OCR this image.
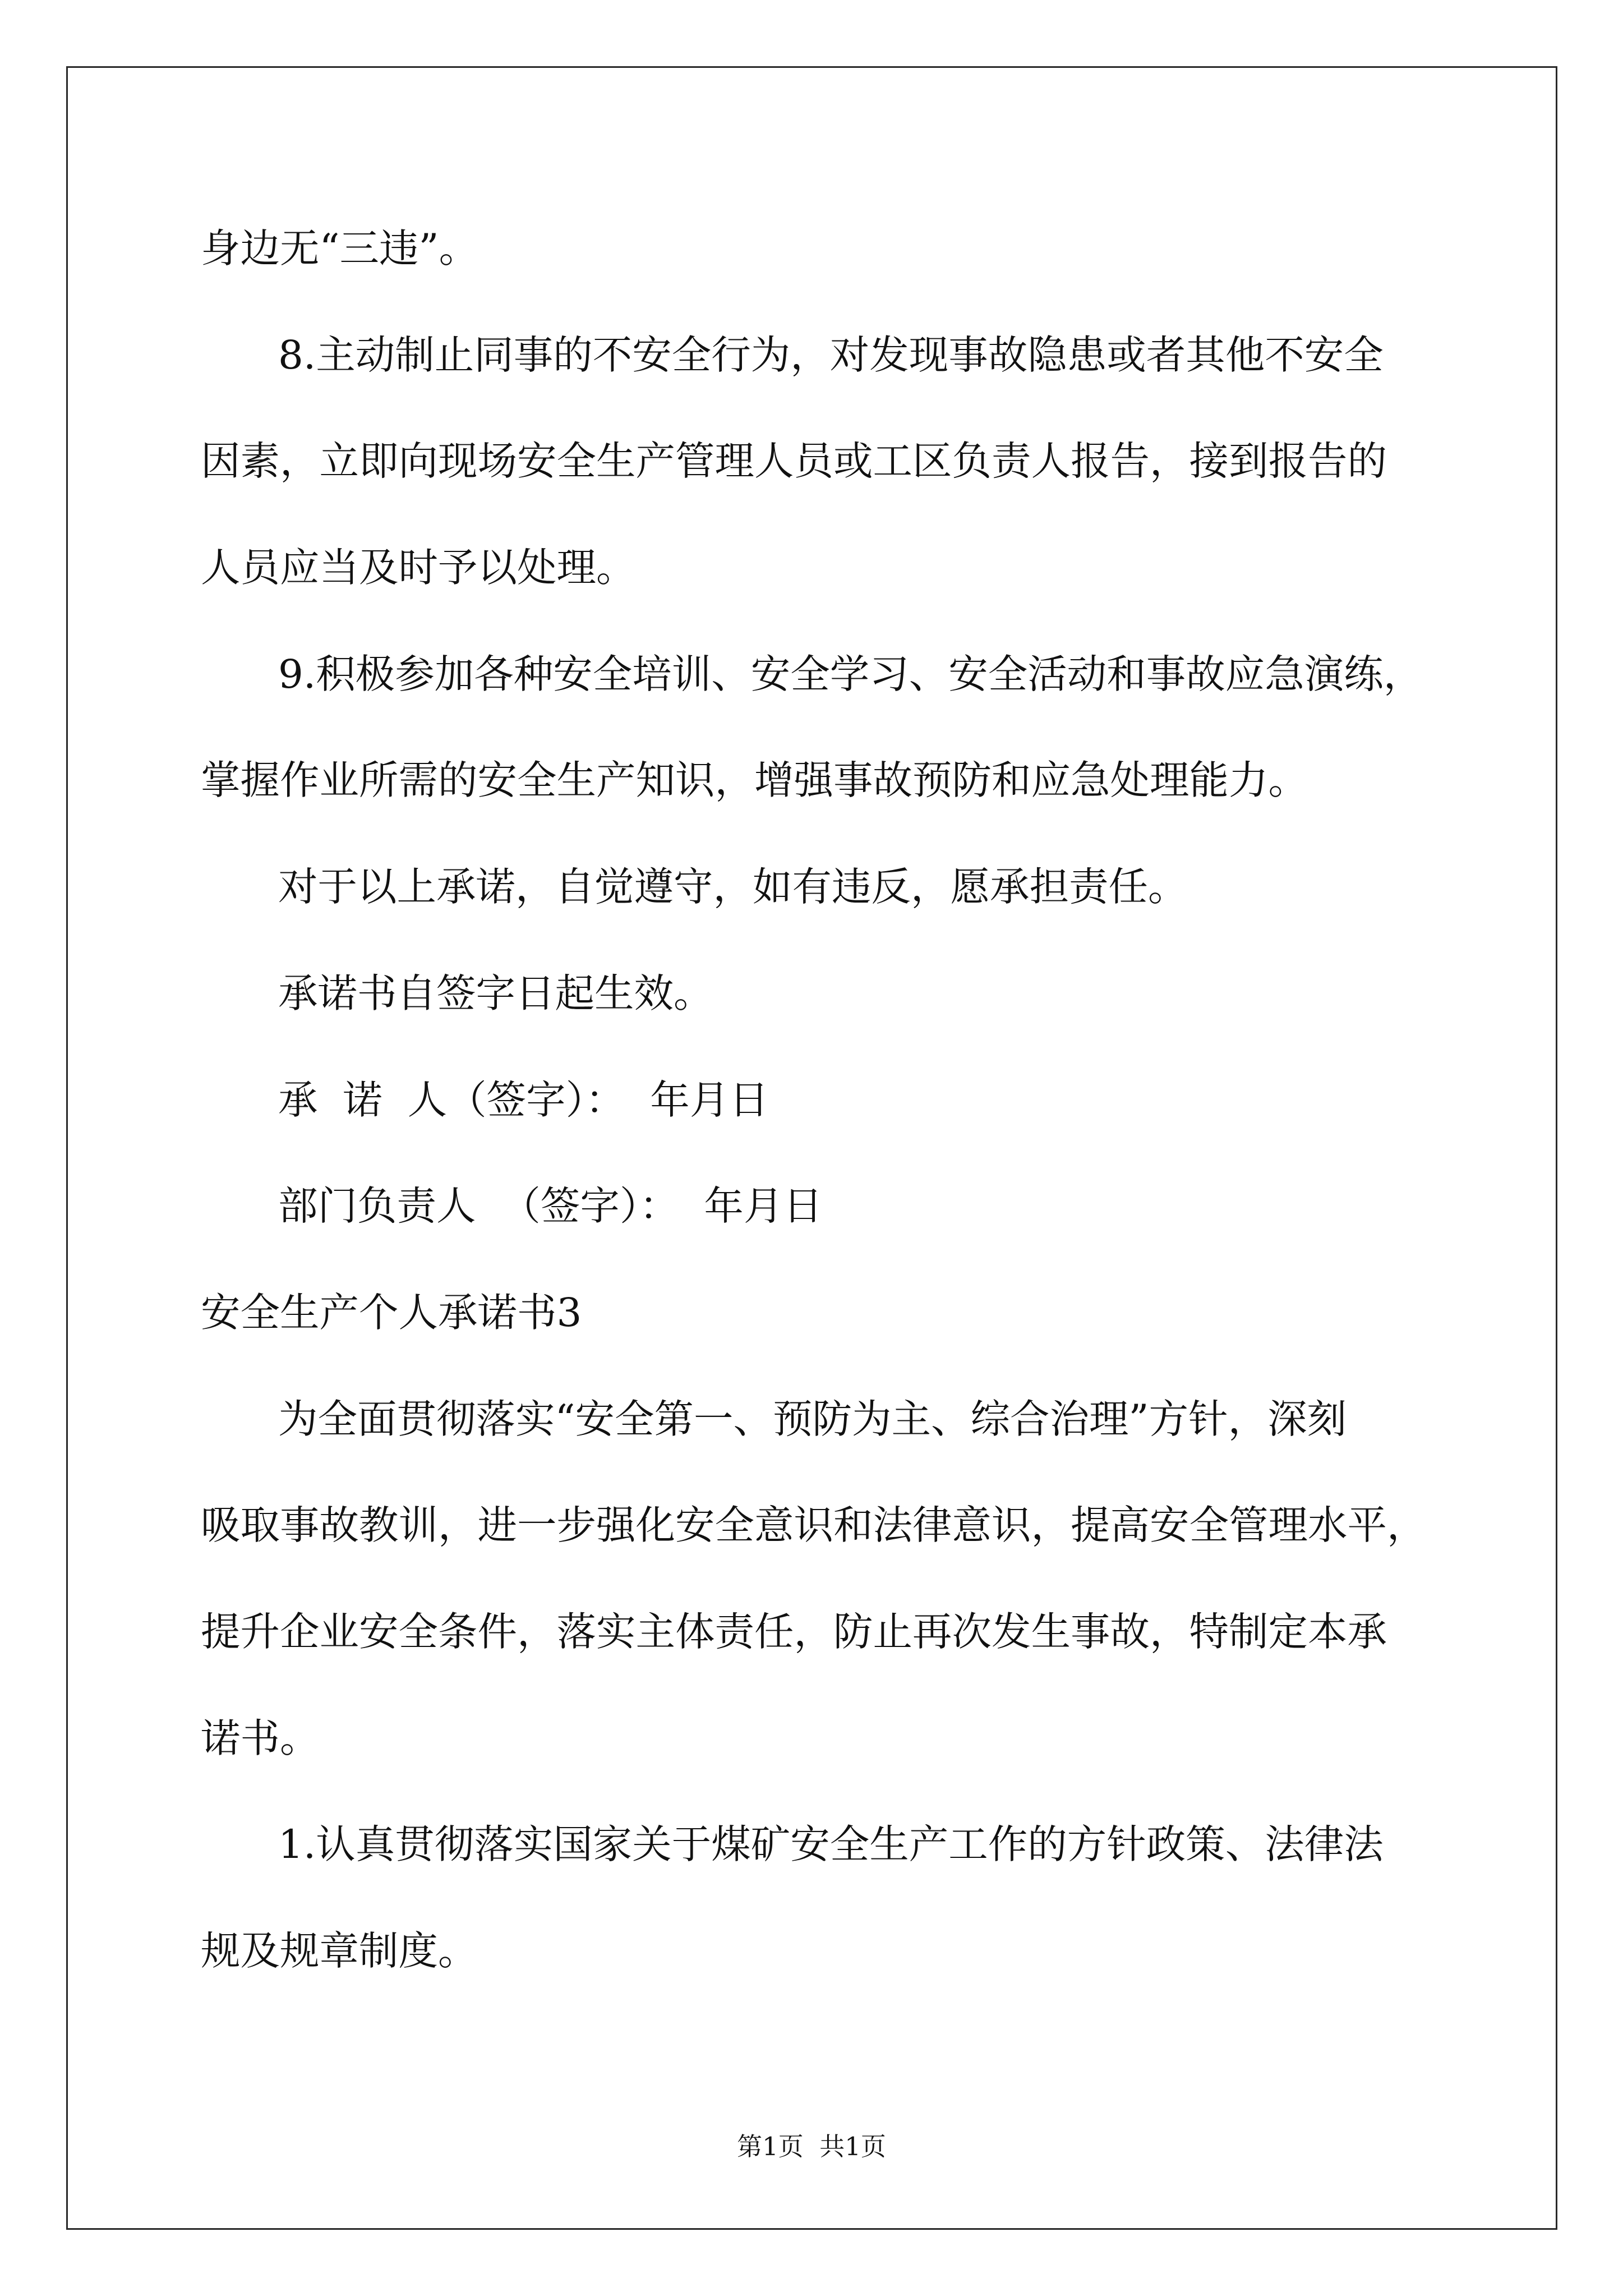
身边无“三违”。
8.主动制止同事的不安全行为，对发现事故隐患或者其他不安全
因素，立即向现场安全生产管理人员或工区负责人报告，接到报告的
人员应当及时予以处理。
9.积极参加各种安全培训、安全学习、安全活动和事故应急演练，
掌握作业所需的安全生产知识，增强事故预防和应急处理能力。
对于以上承诺，自觉遵守，如有违反，愿承担责任。
承诺书自签字日起生效。
承  诺  人（签字）：  年月日
部门负责人  （签字）：  年月日
安全生产个人承诺书3
为全面贯彻落实“安全第一、预防为主、综合治理”方针，深刻
吸取事故教训，进一步强化安全意识和法律意识，提高安全管理水平，
提升企业安全条件，落实主体责任，防止再次发生事故，特制定本承
诺书。
1.认真贯彻落实国家关于煤矿安全生产工作的方针政策、法律法
规及规章制度。
第1页  共1页
